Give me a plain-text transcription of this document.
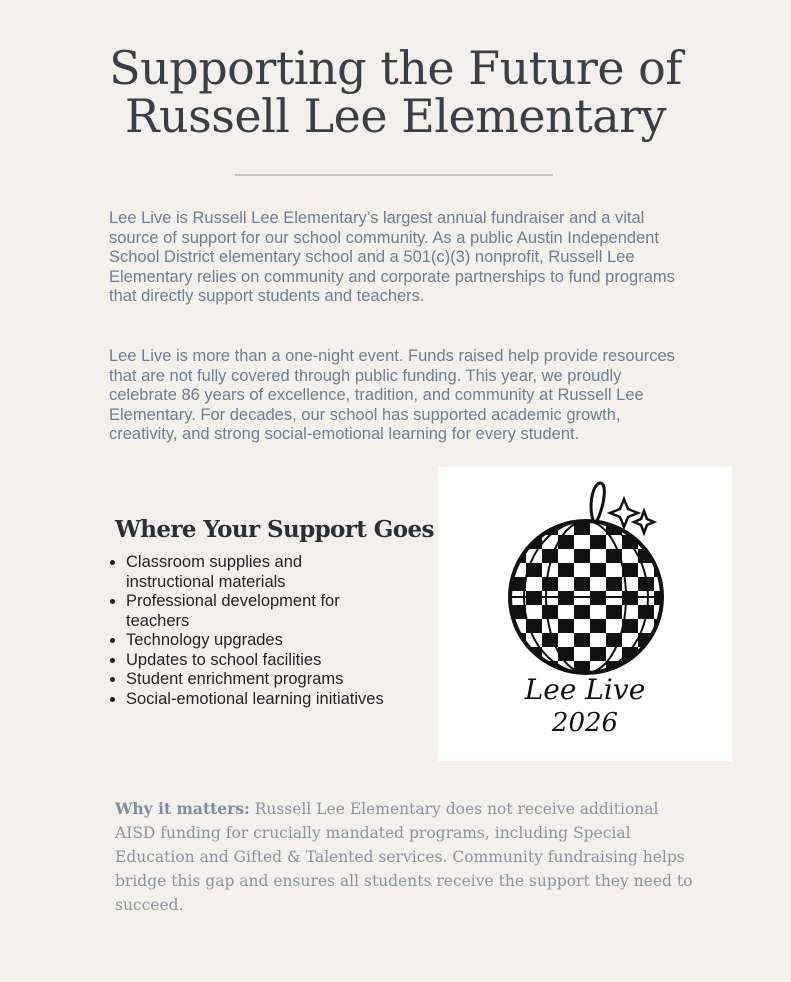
Supporting the Future of
Russell Lee Elementary

Lee Live is Russell Lee Elementary’s largest annual fundraiser and a vital source of support for our school community. As a public Austin Independent School District elementary school and a 501(c)(3) nonprofit, Russell Lee Elementary relies on community and corporate partnerships to fund programs that directly support students and teachers.

Lee Live is more than a one-night event. Funds raised help provide resources that are not fully covered through public funding. This year, we proudly celebrate 86 years of excellence, tradition, and community at Russell Lee Elementary. For decades, our school has supported academic growth, creativity, and strong social-emotional learning for every student.

Where Your Support Goes
• Classroom supplies and instructional materials
• Professional development for teachers
• Technology upgrades
• Updates to school facilities
• Student enrichment programs
• Social-emotional learning initiatives	Lee Live
2026

Why it matters: Russell Lee Elementary does not receive additional AISD funding for crucially mandated programs, including Special Education and Gifted & Talented services. Community fundraising helps bridge this gap and ensures all students receive the support they need to succeed.
